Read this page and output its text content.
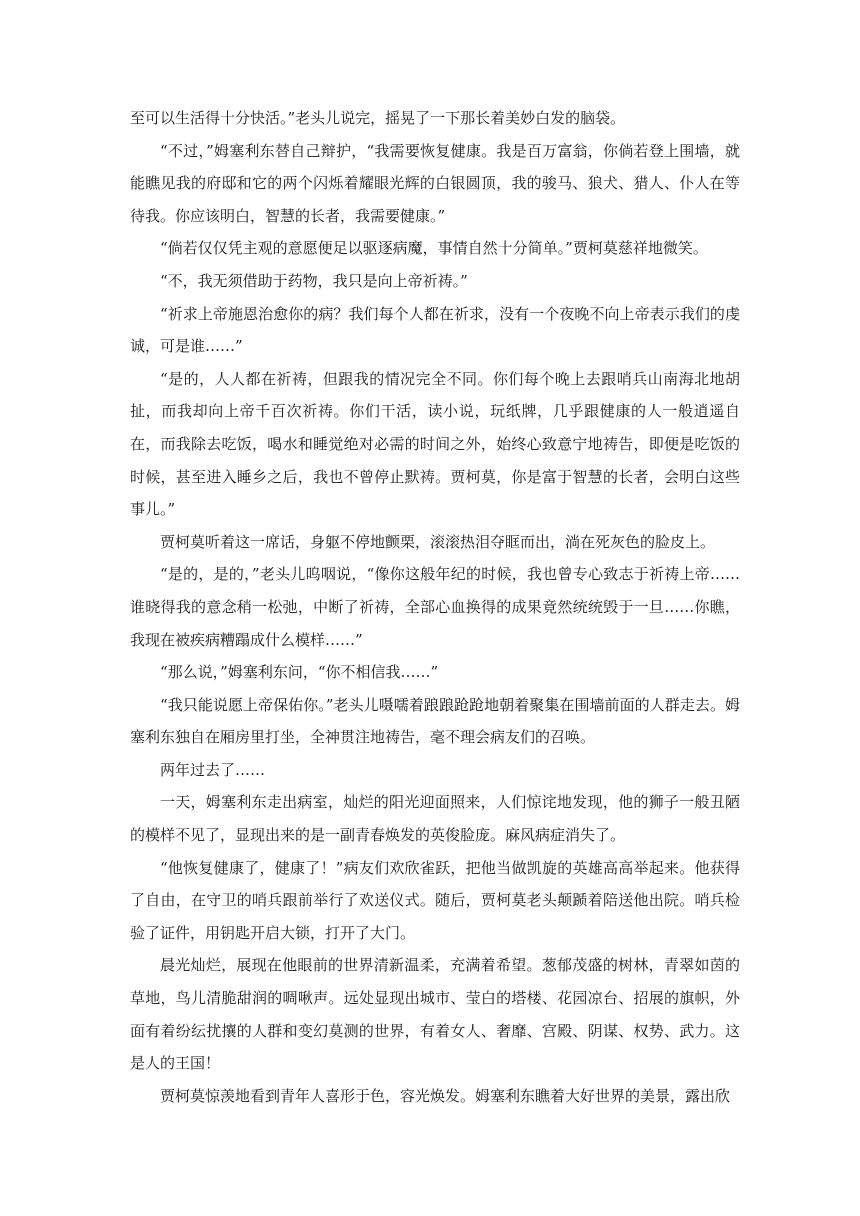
至可以生活得十分快活。”老头儿说完，摇晃了一下那长着美妙白发的脑袋。

“不过，”姆塞利东替自己辩护，“我需要恢复健康。我是百万富翁，你倘若登上围墙，就能瞧见我的府邸和它的两个闪烁着耀眼光辉的白银圆顶，我的骏马、狼犬、猎人、仆人在等待我。你应该明白，智慧的长者，我需要健康。”

“倘若仅仅凭主观的意愿便足以驱逐病魔，事情自然十分简单。”贾柯莫慈祥地微笑。

“不，我无须借助于药物，我只是向上帝祈祷。”

“祈求上帝施恩治愈你的病？我们每个人都在祈求，没有一个夜晚不向上帝表示我们的虔诚，可是谁……”

“是的，人人都在祈祷，但跟我的情况完全不同。你们每个晚上去跟哨兵山南海北地胡扯，而我却向上帝千百次祈祷。你们干活，读小说，玩纸牌，几乎跟健康的人一般逍遥自在，而我除去吃饭，喝水和睡觉绝对必需的时间之外，始终心致意宁地祷告，即便是吃饭的时候，甚至进入睡乡之后，我也不曾停止默祷。贾柯莫，你是富于智慧的长者，会明白这些事儿。”

贾柯莫听着这一席话，身躯不停地颤栗，滚滚热泪夺眶而出，淌在死灰色的脸皮上。

“是的，是的，”老头儿呜咽说，“像你这般年纪的时候，我也曾专心致志于祈祷上帝……谁晓得我的意念稍一松弛，中断了祈祷，全部心血换得的成果竟然统统毁于一旦……你瞧，我现在被疾病糟蹋成什么模样……”

“那么说，”姆塞利东问，“你不相信我……”

“我只能说愿上帝保佑你。”老头儿嗫嚅着踉踉跄跄地朝着聚集在围墙前面的人群走去。姆塞利东独自在厢房里打坐，全神贯注地祷告，毫不理会病友们的召唤。

两年过去了……

一天，姆塞利东走出病室，灿烂的阳光迎面照来，人们惊诧地发现，他的狮子一般丑陋的模样不见了，显现出来的是一副青春焕发的英俊脸庞。麻风病症消失了。

“他恢复健康了，健康了！”病友们欢欣雀跃，把他当做凯旋的英雄高高举起来。他获得了自由，在守卫的哨兵跟前举行了欢送仪式。随后，贾柯莫老头颠踬着陪送他出院。哨兵检验了证件，用钥匙开启大锁，打开了大门。

晨光灿烂，展现在他眼前的世界清新温柔，充满着希望。葱郁茂盛的树林，青翠如茵的草地，鸟儿清脆甜润的啁啾声。远处显现出城市、莹白的塔楼、花园凉台、招展的旗帜，外面有着纷纭扰攘的人群和变幻莫测的世界，有着女人、奢靡、宫殿、阴谋、权势、武力。这是人的王国！

贾柯莫惊羡地看到青年人喜形于色，容光焕发。姆塞利东瞧着大好世界的美景，露出欣
